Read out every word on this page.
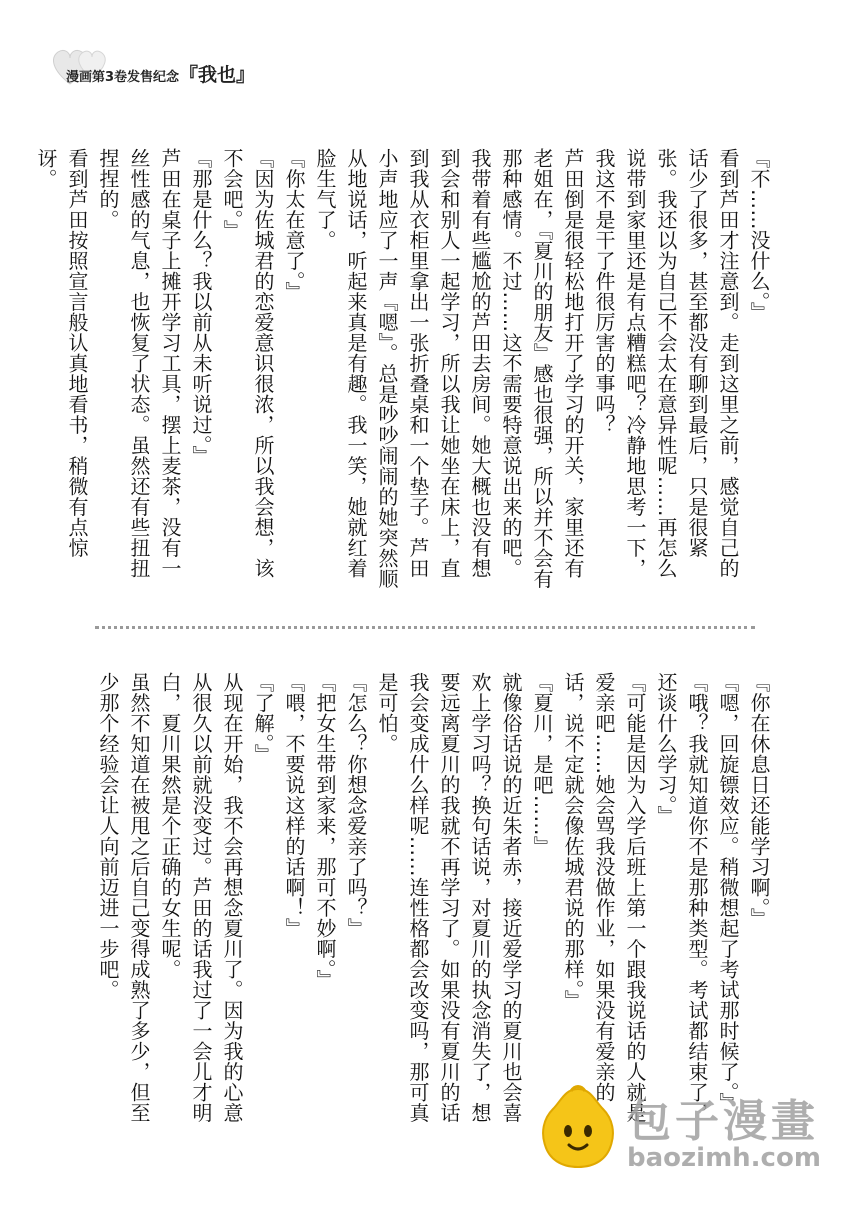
漫画第3卷发售纪念『我也』

『不……没什么。』

看到芦田才注意到。走到这里之前，感觉自己的话少了很多，甚至都没有聊到最后，只是很紧张。我还以为自己不会太在意异性呢……再怎么说带到家里还是有点糟糕吧？冷静地思考一下，我这不是干了件很厉害的事吗？

芦田倒是很轻松地打开了学习的开关，家里还有老姐在，『夏川的朋友』感也很强，所以并不会有那种感情。不过……这不需要特意说出来的吧。

我带着有些尴尬的芦田去房间。她大概也没有想到会和别人一起学习，所以我让她坐在床上，直到我从衣柜里拿出一张折叠桌和一个垫子。芦田小声地应了一声『嗯』。总是吵吵闹闹的她突然顺从地说话，听起来真是有趣。我一笑，她就红着脸生气了。

『你太在意了。』

『因为佐城君的恋爱意识很浓，所以我会想，该不会吧。』

『那是什么？我以前从未听说过。』

芦田在桌子上摊开学习工具，摆上麦茶，没有一丝性感的气息，也恢复了状态。虽然还有些扭扭捏捏的。

看到芦田按照宣言般认真地看书，稍微有点惊讶。

『你在休息日还能学习啊。』

『嗯，回旋镖效应。稍微想起了考试那时候了。』

『哦？我就知道你不是那种类型。考试都结束了，还谈什么学习。』

『可能是因为入学后班上第一个跟我说话的人就是爱亲吧……她会骂我没做作业，如果没有爱亲的话，说不定就会像佐城君说的那样。』

『夏川，是吧……』

就像俗话说的近朱者赤，接近爱学习的夏川也会喜欢上学习吗？换句话说，对夏川的执念消失了，想要远离夏川的我就不再学习了。如果没有夏川的话我会变成什么样呢……连性格都会改变吗，那可真是可怕。

『怎么？你想念爱亲了吗？』

『把女生带到家来，那可不妙啊。』

『喂，不要说这样的话啊！』

『了解。』

从现在开始，我不会再想念夏川了。因为我的心意从很久以前就没变过。芦田的话我过了一会儿才明白，夏川果然是个正确的女生呢。

虽然不知道在被甩之后自己变得成熟了多少，但至少那个经验会让人向前迈进一步吧。

包子漫畫
baozimh.com
